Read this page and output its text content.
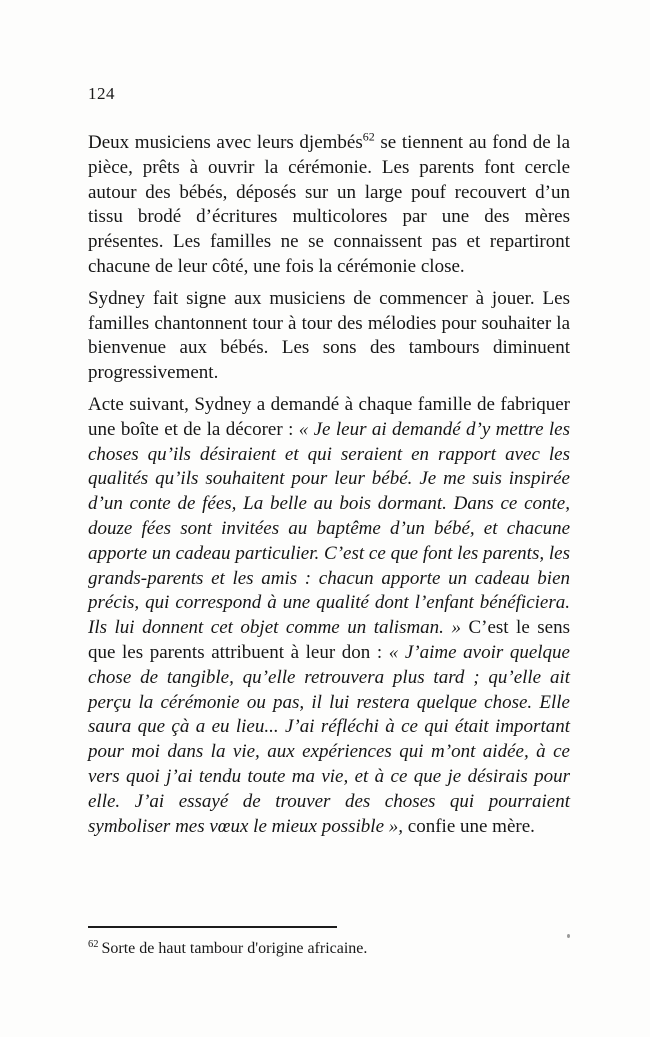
124

Deux musiciens avec leurs djembés$^{62}$ se tiennent au fond de la pièce, prêts à ouvrir la cérémonie. Les parents font cercle autour des bébés, déposés sur un large pouf recouvert d’un tissu brodé d’écritures multicolores par une des mères présentes. Les familles ne se connaissent pas et repartiront chacune de leur côté, une fois la cérémonie close.

Sydney fait signe aux musiciens de commencer à jouer. Les familles chantonnent tour à tour des mélodies pour souhaiter la bienvenue aux bébés. Les sons des tambours diminuent progressivement.

Acte suivant, Sydney a demandé à chaque famille de fabriquer une boîte et de la décorer : « Je leur ai demandé d’y mettre les choses qu’ils désiraient et qui seraient en rapport avec les qualités qu’ils souhaitent pour leur bébé. Je me suis inspirée d’un conte de fées, La belle au bois dormant. Dans ce conte, douze fées sont invitées au baptême d’un bébé, et chacune apporte un cadeau particulier. C’est ce que font les parents, les grands-parents et les amis : chacun apporte un cadeau bien précis, qui correspond à une qualité dont l’enfant bénéficiera. Ils lui donnent cet objet comme un talisman. » C’est le sens que les parents attribuent à leur don : « J’aime avoir quelque chose de tangible, qu’elle retrouvera plus tard ; qu’elle ait perçu la cérémonie ou pas, il lui restera quelque chose. Elle saura que çà a eu lieu... J’ai réfléchi à ce qui était important pour moi dans la vie, aux expériences qui m’ont aidée, à ce vers quoi j’ai tendu toute ma vie, et à ce que je désirais pour elle. J’ai essayé de trouver des choses qui pourraient symboliser mes vœux le mieux possible », confie une mère.

$^{62}$ Sorte de haut tambour d'origine africaine.
